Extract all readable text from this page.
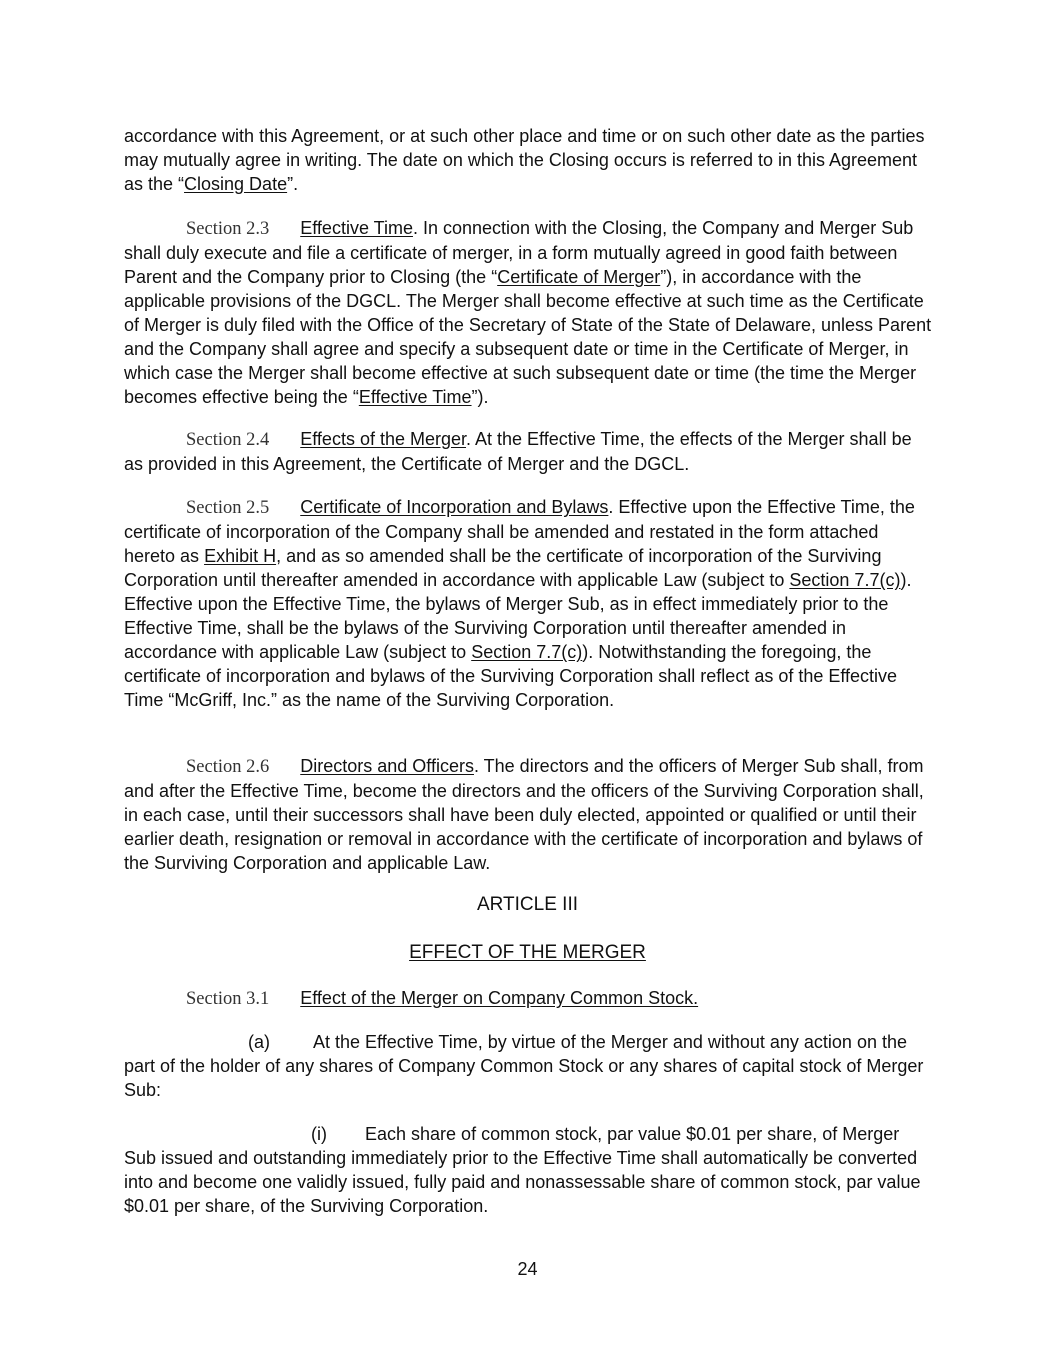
accordance with this Agreement, or at such other place and time or on such other date as the parties may mutually agree in writing. The date on which the Closing occurs is referred to in this Agreement as the “Closing Date”.

Section 2.3 Effective Time. In connection with the Closing, the Company and Merger Sub shall duly execute and file a certificate of merger, in a form mutually agreed in good faith between Parent and the Company prior to Closing (the “Certificate of Merger”), in accordance with the applicable provisions of the DGCL. The Merger shall become effective at such time as the Certificate of Merger is duly filed with the Office of the Secretary of State of the State of Delaware, unless Parent and the Company shall agree and specify a subsequent date or time in the Certificate of Merger, in which case the Merger shall become effective at such subsequent date or time (the time the Merger becomes effective being the “Effective Time”).

Section 2.4 Effects of the Merger. At the Effective Time, the effects of the Merger shall be as provided in this Agreement, the Certificate of Merger and the DGCL.

Section 2.5 Certificate of Incorporation and Bylaws. Effective upon the Effective Time, the certificate of incorporation of the Company shall be amended and restated in the form attached hereto as Exhibit H, and as so amended shall be the certificate of incorporation of the Surviving Corporation until thereafter amended in accordance with applicable Law (subject to Section 7.7(c)). Effective upon the Effective Time, the bylaws of Merger Sub, as in effect immediately prior to the Effective Time, shall be the bylaws of the Surviving Corporation until thereafter amended in accordance with applicable Law (subject to Section 7.7(c)). Notwithstanding the foregoing, the certificate of incorporation and bylaws of the Surviving Corporation shall reflect as of the Effective Time “McGriff, Inc.” as the name of the Surviving Corporation.

Section 2.6 Directors and Officers. The directors and the officers of Merger Sub shall, from and after the Effective Time, become the directors and the officers of the Surviving Corporation shall, in each case, until their successors shall have been duly elected, appointed or qualified or until their earlier death, resignation or removal in accordance with the certificate of incorporation and bylaws of the Surviving Corporation and applicable Law.

ARTICLE III

EFFECT OF THE MERGER

Section 3.1 Effect of the Merger on Company Common Stock.

(a) At the Effective Time, by virtue of the Merger and without any action on the part of the holder of any shares of Company Common Stock or any shares of capital stock of Merger Sub:

(i) Each share of common stock, par value $0.01 per share, of Merger Sub issued and outstanding immediately prior to the Effective Time shall automatically be converted into and become one validly issued, fully paid and nonassessable share of common stock, par value $0.01 per share, of the Surviving Corporation.

24
